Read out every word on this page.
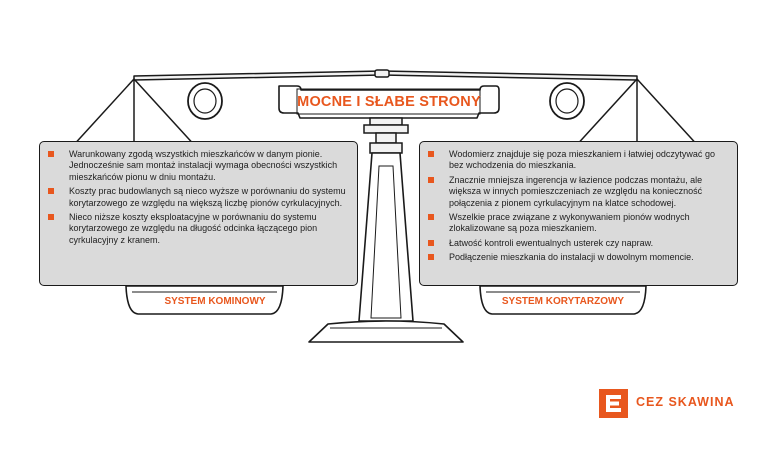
MOCNE I SŁABE STRONY
Warunkowany zgodą wszystkich mieszkańców w danym pionie. Jednocześnie sam montaż instalacji wymaga obecności wszystkich mieszkańców pionu w dniu montażu.
Koszty prac budowlanych są nieco wyższe w porównaniu do systemu korytarzowego ze względu na większą liczbę pionów cyrkulacyjnych.
Nieco niższe koszty eksploatacyjne w porównaniu do systemu korytarzowego ze względu na długość odcinka łączącego pion cyrkulacyjny z kranem.
Wodomierz znajduje się poza mieszkaniem i łatwiej odczytywać go bez wchodzenia do mieszkania.
Znacznie mniejsza ingerencja w łazience podczas montażu, ale większa w innych pomieszczeniach ze względu na konieczność połączenia z pionem cyrkulacyjnym na klatce schodowej.
Wszelkie prace związane z wykonywaniem pionów wodnych zlokalizowane są poza mieszkaniem.
Łatwość kontroli ewentualnych usterek czy napraw.
Podłączenie mieszkania do instalacji w dowolnym momencie.
SYSTEM KOMINOWY	SYSTEM KORYTARZOWY
CEZ SKAWINA
